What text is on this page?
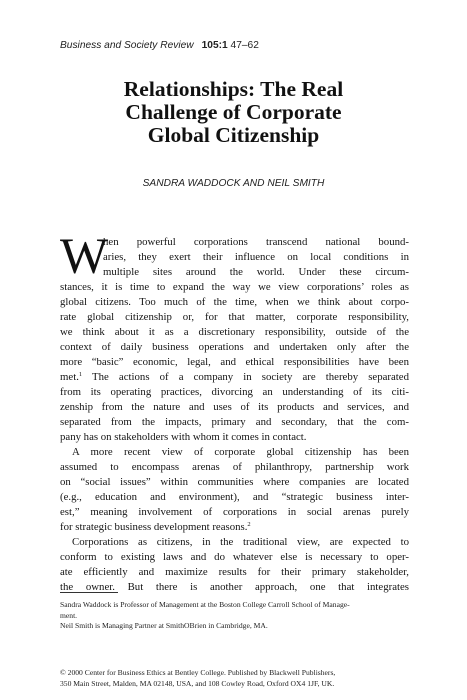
Business and Society Review 105:1 47–62
Relationships: The Real
Challenge of Corporate
Global Citizenship
SANDRA WADDOCK AND NEIL SMITH
W
hen powerful corporations transcend national bound-
aries, they exert their influence on local conditions in
multiple sites around the world. Under these circum-
stances, it is time to expand the way we view corporations’ roles as
global citizens. Too much of the time, when we think about corpo-
rate global citizenship or, for that matter, corporate responsibility,
we think about it as a discretionary responsibility, outside of the
context of daily business operations and undertaken only after the
more “basic” economic, legal, and ethical responsibilities have been
met.$^1$ The actions of a company in society are thereby separated
from its operating practices, divorcing an understanding of its citi-
zenship from the nature and uses of its products and services, and
separated from the impacts, primary and secondary, that the com-
pany has on stakeholders with whom it comes in contact.
A more recent view of corporate global citizenship has been
assumed to encompass arenas of philanthropy, partnership work
on “social issues” within communities where companies are located
(e.g., education and environment), and “strategic business inter-
est,” meaning involvement of corporations in social arenas purely
for strategic business development reasons.$^2$
Corporations as citizens, in the traditional view, are expected to
conform to existing laws and do whatever else is necessary to oper-
ate efficiently and maximize results for their primary stakeholder,
the owner. But there is another approach, one that integrates

Sandra Waddock is Professor of Management at the Boston College Carroll School of Manage-

ment.

Neil Smith is Managing Partner at SmithOBrien in Cambridge, MA.

© 2000 Center for Business Ethics at Bentley College. Published by Blackwell Publishers,

350 Main Street, Malden, MA 02148, USA, and 108 Cowley Road, Oxford OX4 1JF, UK.
